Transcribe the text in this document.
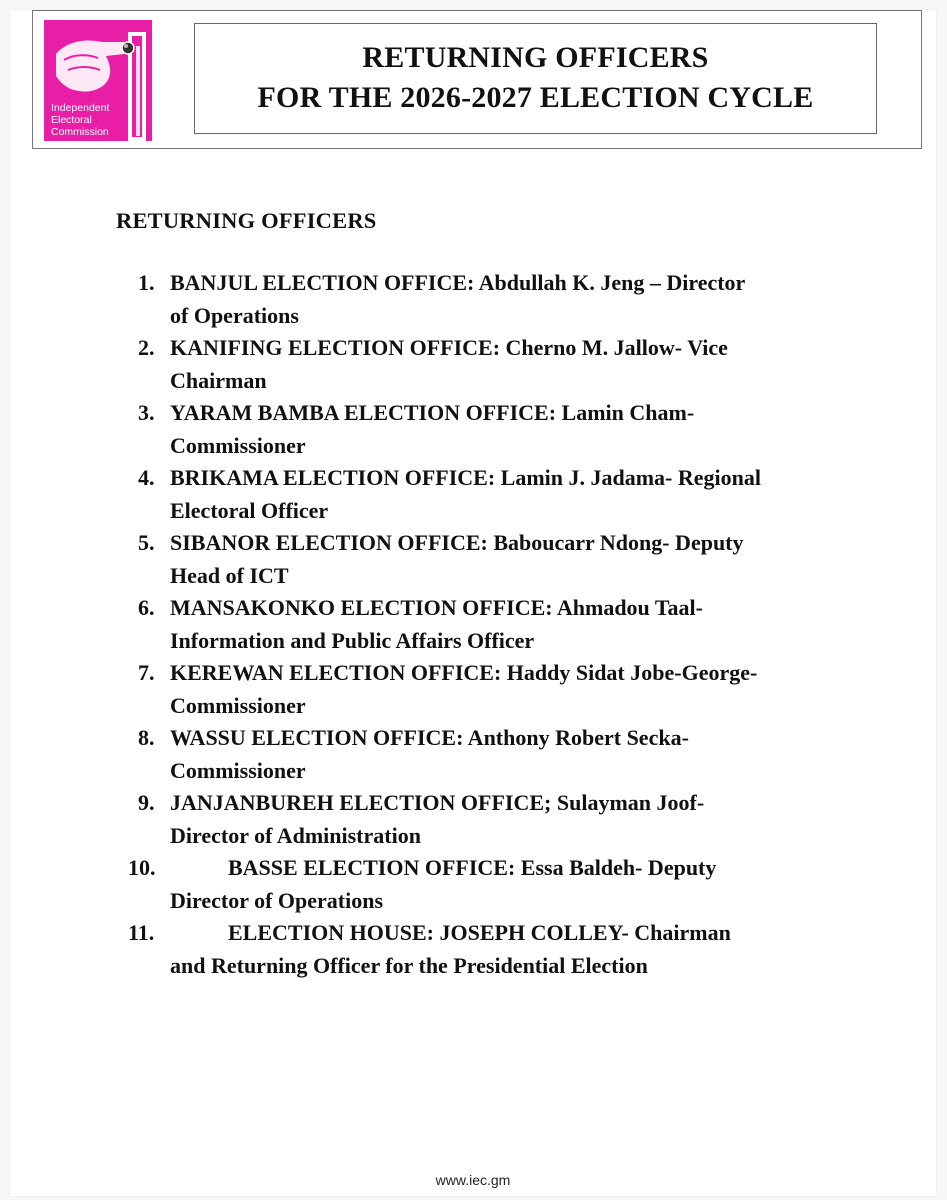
Independent
Electoral
Commission
RETURNING OFFICERS
FOR THE 2026-2027 ELECTION CYCLE
RETURNING OFFICERS
1. BANJUL ELECTION OFFICE: Abdullah K. Jeng – Director
of Operations
2. KANIFING ELECTION OFFICE: Cherno M. Jallow- Vice
Chairman
3. YARAM BAMBA ELECTION OFFICE: Lamin Cham-
Commissioner
4. BRIKAMA ELECTION OFFICE: Lamin J. Jadama- Regional
Electoral Officer
5. SIBANOR ELECTION OFFICE: Baboucarr Ndong- Deputy
Head of ICT
6. MANSAKONKO ELECTION OFFICE: Ahmadou Taal-
Information and Public Affairs Officer
7. KEREWAN ELECTION OFFICE: Haddy Sidat Jobe-George-
Commissioner
8. WASSU ELECTION OFFICE: Anthony Robert Secka-
Commissioner
9. JANJANBUREH ELECTION OFFICE; Sulayman Joof-
Director of Administration
10.	BASSE ELECTION OFFICE: Essa Baldeh- Deputy
Director of Operations
11.	ELECTION HOUSE: JOSEPH COLLEY- Chairman
and Returning Officer for the Presidential Election
www.iec.gm
